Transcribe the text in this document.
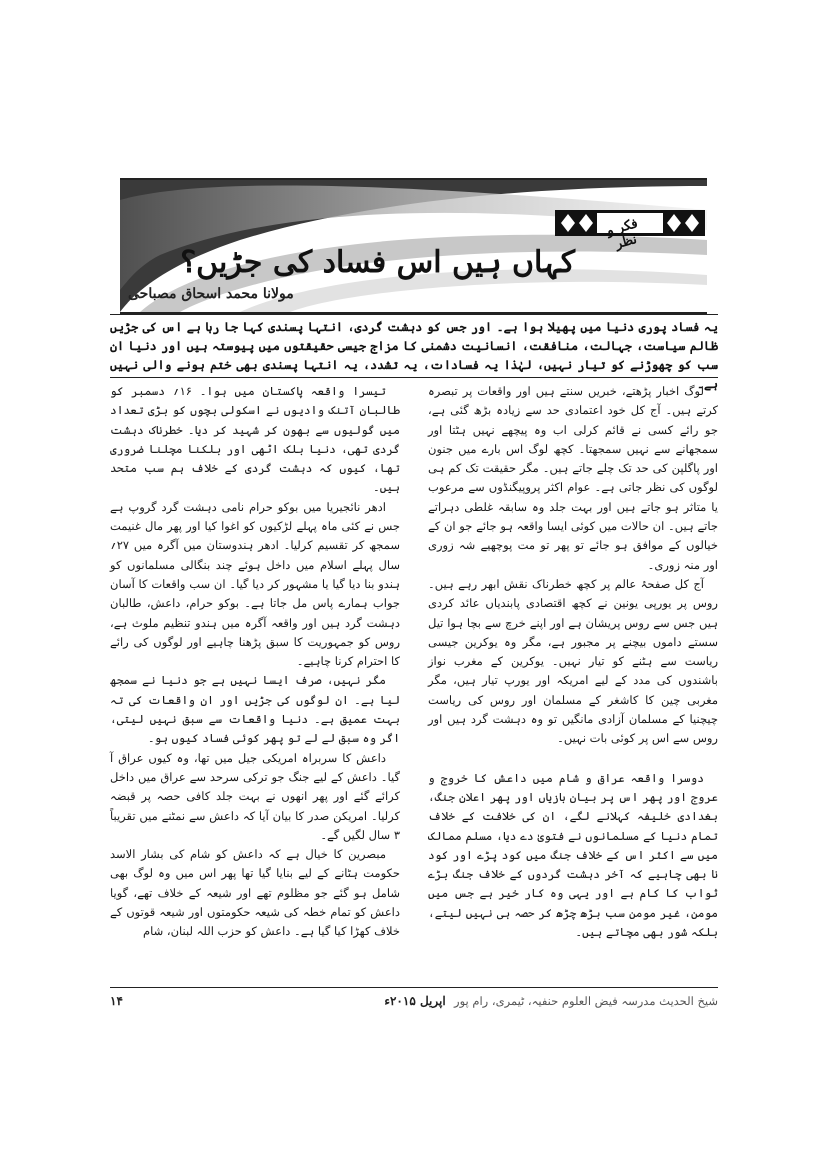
فکر و نظر
کہاں ہیں اس فساد کی جڑیں؟
مولانا محمد اسحاق مصباحی
یہ فساد پوری دنیا میں پھیلا ہوا ہے۔ اور جس کو دہشت گردی، انتہا پسندی کہا جا رہا ہے اس کی جڑیں ظالم سیاست، جہالت، منافقت، انسانیت دشمنی کا مزاج جیسی حقیقتوں میں پیوستہ ہیں اور دنیا ان سب کو چھوڑنے کو تیار نہیں، لہٰذا یہ فسادات، یہ تشدد، یہ انتہا پسندی بھی ختم ہونے والی نہیں ہے۔

لوگ اخبار پڑھتے، خبریں سنتے ہیں اور واقعات پر تبصرہ کرتے ہیں۔ آج کل خود اعتمادی حد سے زیادہ بڑھ گئی ہے، جو رائے کسی نے قائم کرلی اب وہ پیچھے نہیں ہٹتا اور سمجھانے سے نہیں سمجھتا۔ کچھ لوگ اس بارے میں جنون اور پاگلپن کی حد تک چلے جاتے ہیں۔ مگر حقیقت تک کم ہی لوگوں کی نظر جاتی ہے۔ عوام اکثر پروپیگنڈوں سے مرعوب یا متاثر ہو جاتے ہیں اور بہت جلد وہ سابقہ غلطی دہراتے جاتے ہیں۔ ان حالات میں کوئی ایسا واقعہ ہو جائے جو ان کے خیالوں کے موافق ہو جائے تو پھر تو مت پوچھیے شہ زوری اور منہ زوری۔

آج کل صفحۂ عالم پر کچھ خطرناک نقش ابھر رہے ہیں۔ روس پر یورپی یونین نے کچھ اقتصادی پابندیاں عائد کردی ہیں جس سے روس پریشان ہے اور اپنے خرچ سے بچا ہوا تیل سستے داموں بیچنے پر مجبور ہے، مگر وہ یوکرین جیسی ریاست سے ہٹنے کو تیار نہیں۔ یوکرین کے مغرب نواز باشندوں کی مدد کے لیے امریکہ اور یورپ تیار ہیں، مگر مغربی چین کا کاشغر کے مسلمان اور روس کی ریاست چیچنیا کے مسلمان آزادی مانگیں تو وہ دہشت گرد ہیں اور روس سے اس پر کوئی بات نہیں۔

دوسرا واقعہ عراق و شام میں داعش کا خروج و عروج اور پھر اس پر بیان بازیاں اور پھر اعلانِ جنگ، بغدادی خلیفہ کہلانے لگے، ان کی خلافت کے خلاف تمام دنیا کے مسلمانوں نے فتویٰ دے دیا، مسلم ممالک میں سے اکثر اس کے خلاف جنگ میں کود پڑے اور کود نا بھی چاہیے کہ آخر دہشت گردوں کے خلاف جنگ بڑے ثواب کا کام ہے اور یہی وہ کار خیر ہے جس میں مومن، غیر مومن سب بڑھ چڑھ کر حصہ ہی نہیں لیتے، بلکہ شور بھی مچاتے ہیں۔

تیسرا واقعہ پاکستان میں ہوا۔ ۱۶؍ دسمبر کو طالبان آتنک وادیوں نے اسکولی بچوں کو بڑی تعداد میں گولیوں سے بھون کر شہید کر دیا۔ خطرناک دہشت گردی تھی، دنیا بلک اٹھی اور بلکنا مچلنا ضروری تھا، کیوں کہ دہشت گردی کے خلاف ہم سب متحد ہیں۔

ادھر نائجیریا میں بوکو حرام نامی دہشت گرد گروپ ہے جس نے کئی ماہ پہلے لڑکیوں کو اغوا کیا اور پھر مال غنیمت سمجھ کر تقسیم کرلیا۔ ادھر ہندوستان میں آگرہ میں ۲۷؍ سال پہلے اسلام میں داخل ہوئے چند بنگالی مسلمانوں کو ہندو بنا دیا گیا یا مشہور کر دیا گیا۔ ان سب واقعات کا آسان جواب ہمارے پاس مل جاتا ہے۔ بوکو حرام، داعش، طالبان دہشت گرد ہیں اور واقعہ آگرہ میں ہندو تنظیم ملوث ہے، روس کو جمہوریت کا سبق پڑھنا چاہیے اور لوگوں کی رائے کا احترام کرنا چاہیے۔

مگر نہیں، صرف ایسا نہیں ہے جو دنیا نے سمجھ لیا ہے۔ ان لوگوں کی جڑیں اور ان واقعات کی تہ بہت عمیق ہے۔ دنیا واقعات سے سبق نہیں لیتی، اگر وہ سبق لے لے تو پھر کوئی فساد کیوں ہو۔

داعش کا سربراہ امریکی جیل میں تھا، وہ کیوں عراق آ گیا۔ داعش کے لیے جنگ جو ترکی سرحد سے عراق میں داخل کرائے گئے اور پھر انھوں نے بہت جلد کافی حصہ پر قبضہ کرلیا۔ امریکن صدر کا بیان آیا کہ داعش سے نمٹنے میں تقریباً ۳ سال لگیں گے۔

مبصرین کا خیال ہے کہ داعش کو شام کی بشار الاسد حکومت ہٹانے کے لیے بنایا گیا تھا پھر اس میں وہ لوگ بھی شامل ہو گئے جو مظلوم تھے اور شیعہ کے خلاف تھے، گویا داعش کو تمام خطہ کی شیعہ حکومتوں اور شیعہ قوتوں کے خلاف کھڑا کیا گیا ہے۔ داعش کو حزب اللہ لبنان، شام

شیخ الحدیث مدرسہ فیض العلوم حنفیہ، ٹیمری، رام پور
اپریل ۲۰۱۵ء
۱۴
